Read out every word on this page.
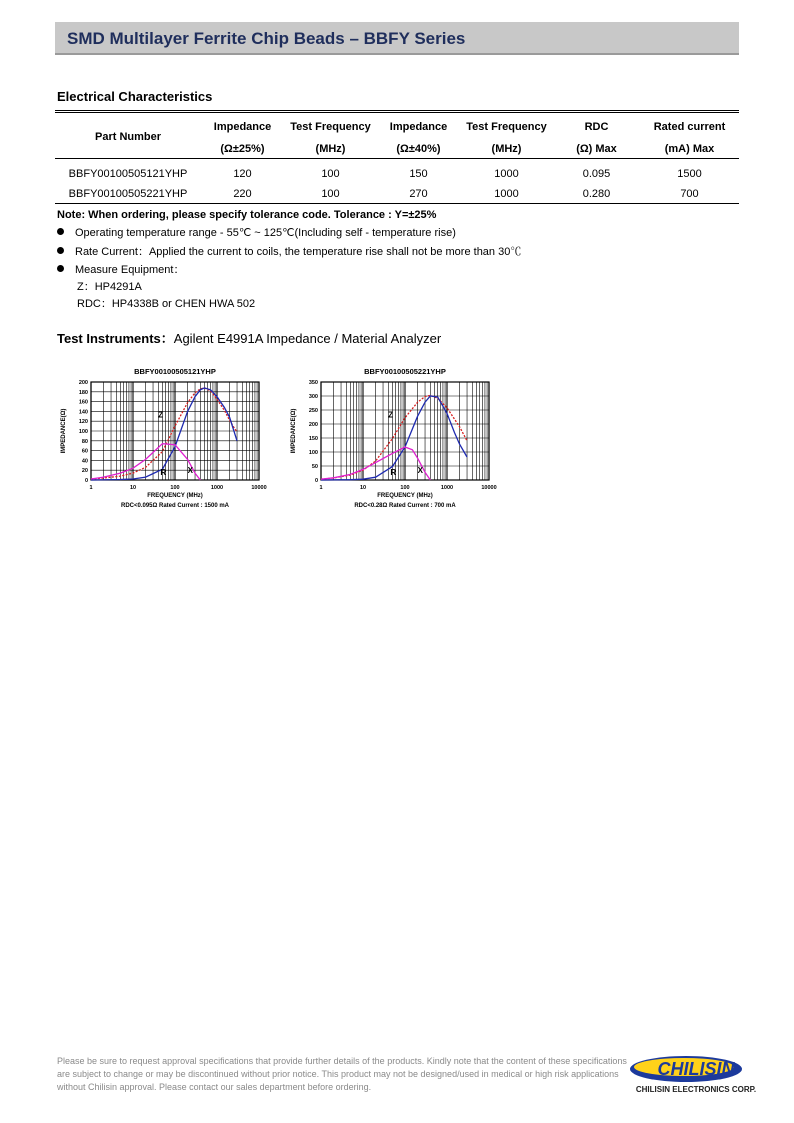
SMD Multilayer Ferrite Chip Beads – BBFY Series
Electrical Characteristics
Part Number	Impedance	Test Frequency	Impedance	Test Frequency	RDC	Rated current
	(Ω±25%)	(MHz)	(Ω±40%)	(MHz)	(Ω) Max	(mA) Max
BBFY00100505121YHP	120	100	150	1000	0.095	1500
BBFY00100505221YHP	220	100	270	1000	0.280	700
Note: When ordering, please specify tolerance code. Tolerance : Y=±25%
Operating temperature range - 55℃ ~ 125℃(Including self - temperature rise)
Rate Current：Applied the current to coils, the temperature rise shall not be more than 30℃
Measure Equipment：
Z：HP4291A
RDC：HP4338B or CHEN HWA 502
Test Instruments：Agilent E4991A Impedance / Material Analyzer
BBFY00100505121YHP
1	10	100	1000	10000
0
20
40
60
80
100
120
140
160
180
200
Z
R	X
FREQUENCY (MHz)
IMPEDANCE(Ω)
RDC<0.095Ω Rated Current : 1500 mA
BBFY00100505221YHP
1	10	100	1000	10000
0
50
100
150
200
250
300
350
Z
R	X
FREQUENCY (MHz)
IMPEDANCE(Ω)
RDC<0.28Ω Rated Current : 700 mA
Please be sure to request approval specifications that provide further details of the products. Kindly note that the content of these specifications are subject to change or may be discontinued without prior notice. This product may not be designed/used in medical or high risk applications without Chilisin approval. Please contact our sales department before ordering.
CHILISIN
CHILISIN ELECTRONICS CORP.
